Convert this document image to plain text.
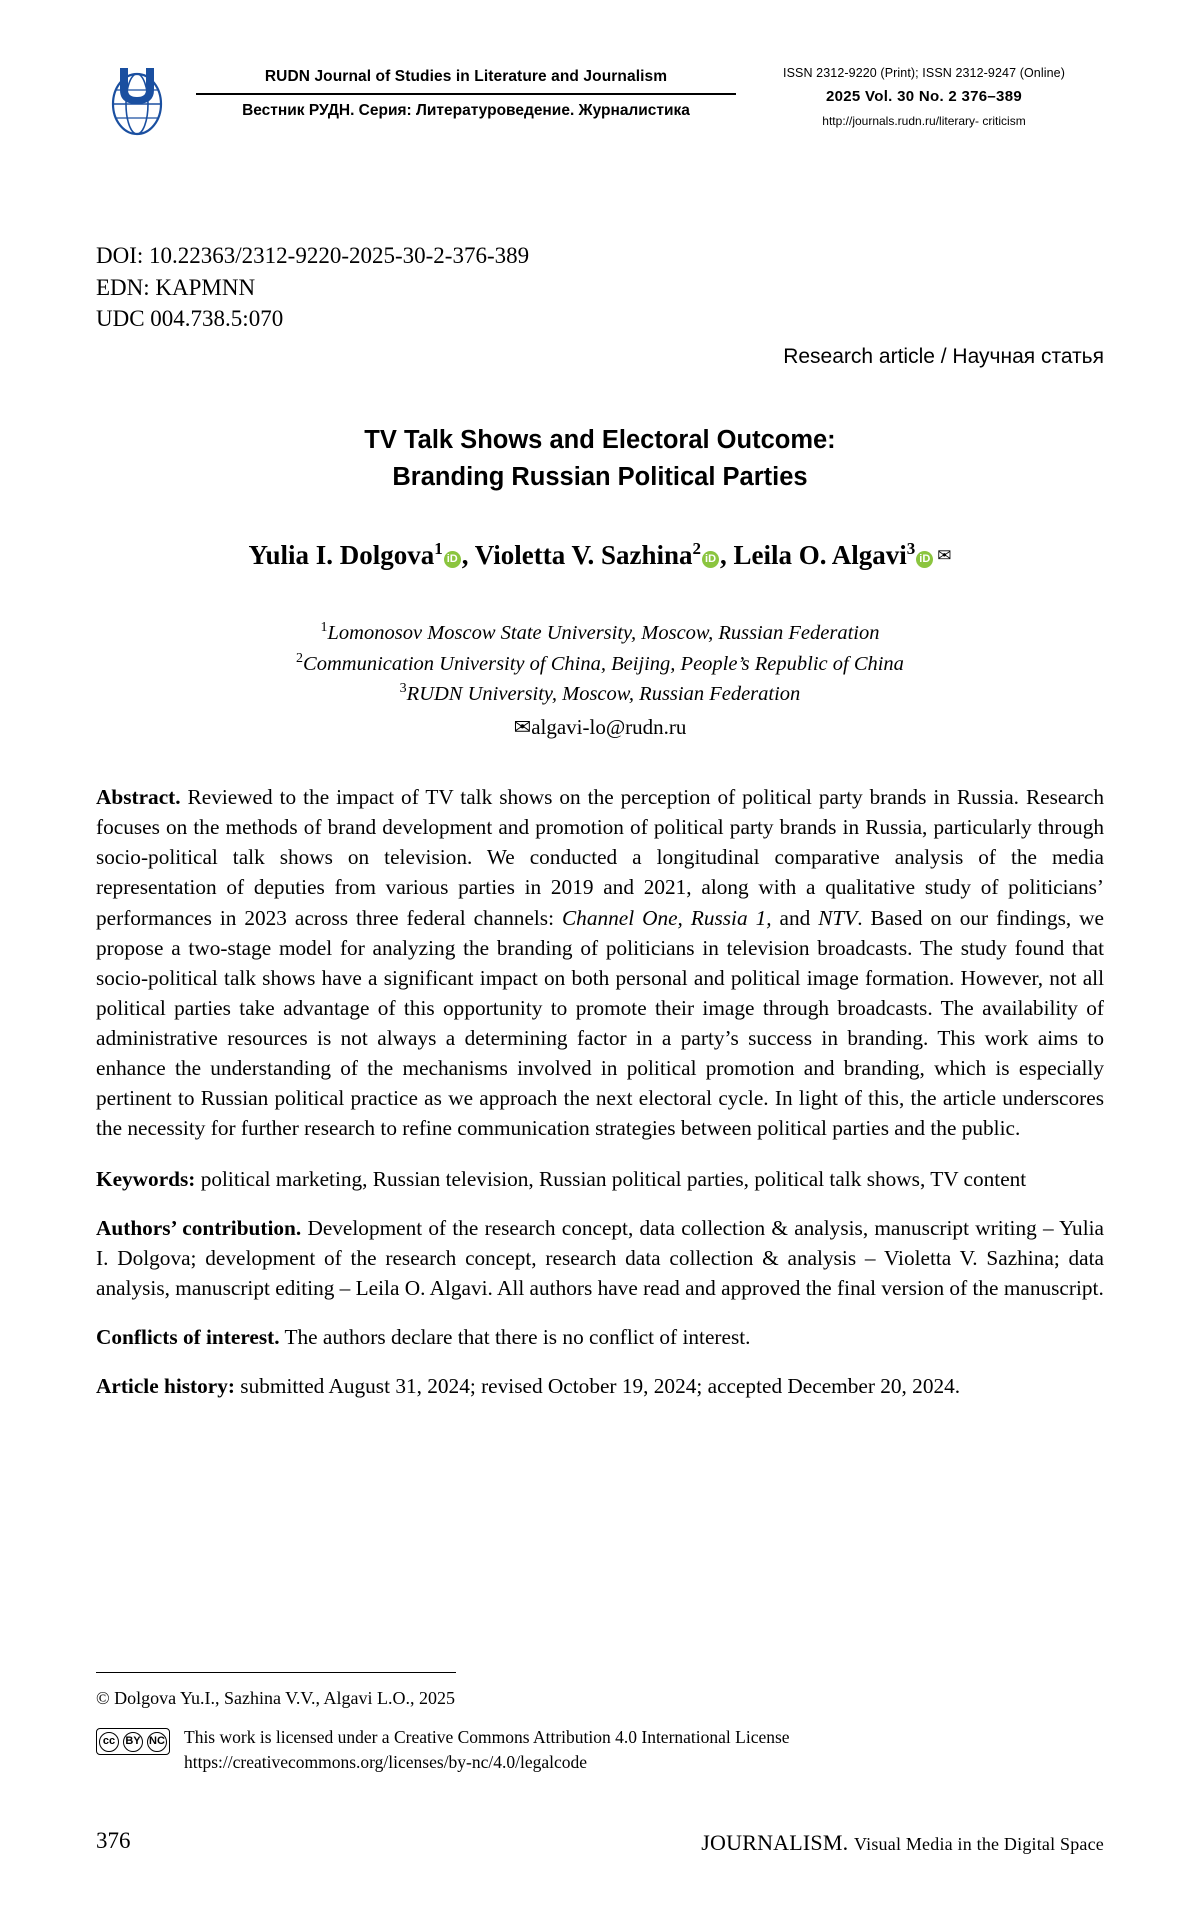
RUDN Journal of Studies in Literature and Journalism
Вестник РУДН. Серия: Литературоведение. Журналистика
ISSN 2312-9220 (Print); ISSN 2312-9247 (Online)
2025 Vol. 30 No. 2 376–389
http://journals.rudn.ru/literary- criticism
DOI: 10.22363/2312-9220-2025-30-2-376-389
EDN: KAPMNN
UDC 004.738.5:070
Research article / Научная статья
TV Talk Shows and Electoral Outcome:
Branding Russian Political Parties
Yulia I. Dolgova$^1$iD , Violetta V. Sazhina$^2$iD , Leila O. Algavi$^3$iD ✉
$^1$Lomonosov Moscow State University, Moscow, Russian Federation
$^2$Communication University of China, Beijing, People’s Republic of China
$^3$RUDN University, Moscow, Russian Federation
✉algavi-lo@rudn.ru

Abstract. Reviewed to the impact of TV talk shows on the perception of political party brands in Russia. Research focuses on the methods of brand development and promotion of political party brands in Russia, particularly through socio-political talk shows on television. We conducted a longitudinal comparative analysis of the media representation of deputies from various parties in 2019 and 2021, along with a qualitative study of politicians’ performances in 2023 across three federal channels: Channel One, Russia 1, and NTV. Based on our findings, we propose a two-stage model for analyzing the branding of politicians in television broadcasts. The study found that socio-political talk shows have a significant impact on both personal and political image formation. However, not all political parties take advantage of this opportunity to promote their image through broadcasts. The availability of administrative resources is not always a determining factor in a party’s success in branding. This work aims to enhance the understanding of the mechanisms involved in political promotion and branding, which is especially pertinent to Russian political practice as we approach the next electoral cycle. In light of this, the article underscores the necessity for further research to refine communication strategies between political parties and the public.

Keywords: political marketing, Russian television, Russian political parties, political talk shows, TV content

Authors’ contribution. Development of the research concept, data collection & analysis, manuscript writing – Yulia I. Dolgova; development of the research concept, research data collection & analysis – Violetta V. Sazhina; data analysis, manuscript editing – Leila O. Algavi. All authors have read and approved the final version of the manuscript.

Conflicts of interest. The authors declare that there is no conflict of interest.

Article history: submitted August 31, 2024; revised October 19, 2024; accepted December 20, 2024.

© Dolgova Yu.I., Sazhina V.V., Algavi L.O., 2025
cc BY NC This work is licensed under a Creative Commons Attribution 4.0 International License
https://creativecommons.org/licenses/by-nc/4.0/legalcode
376	JOURNALISM. Visual Media in the Digital Space
